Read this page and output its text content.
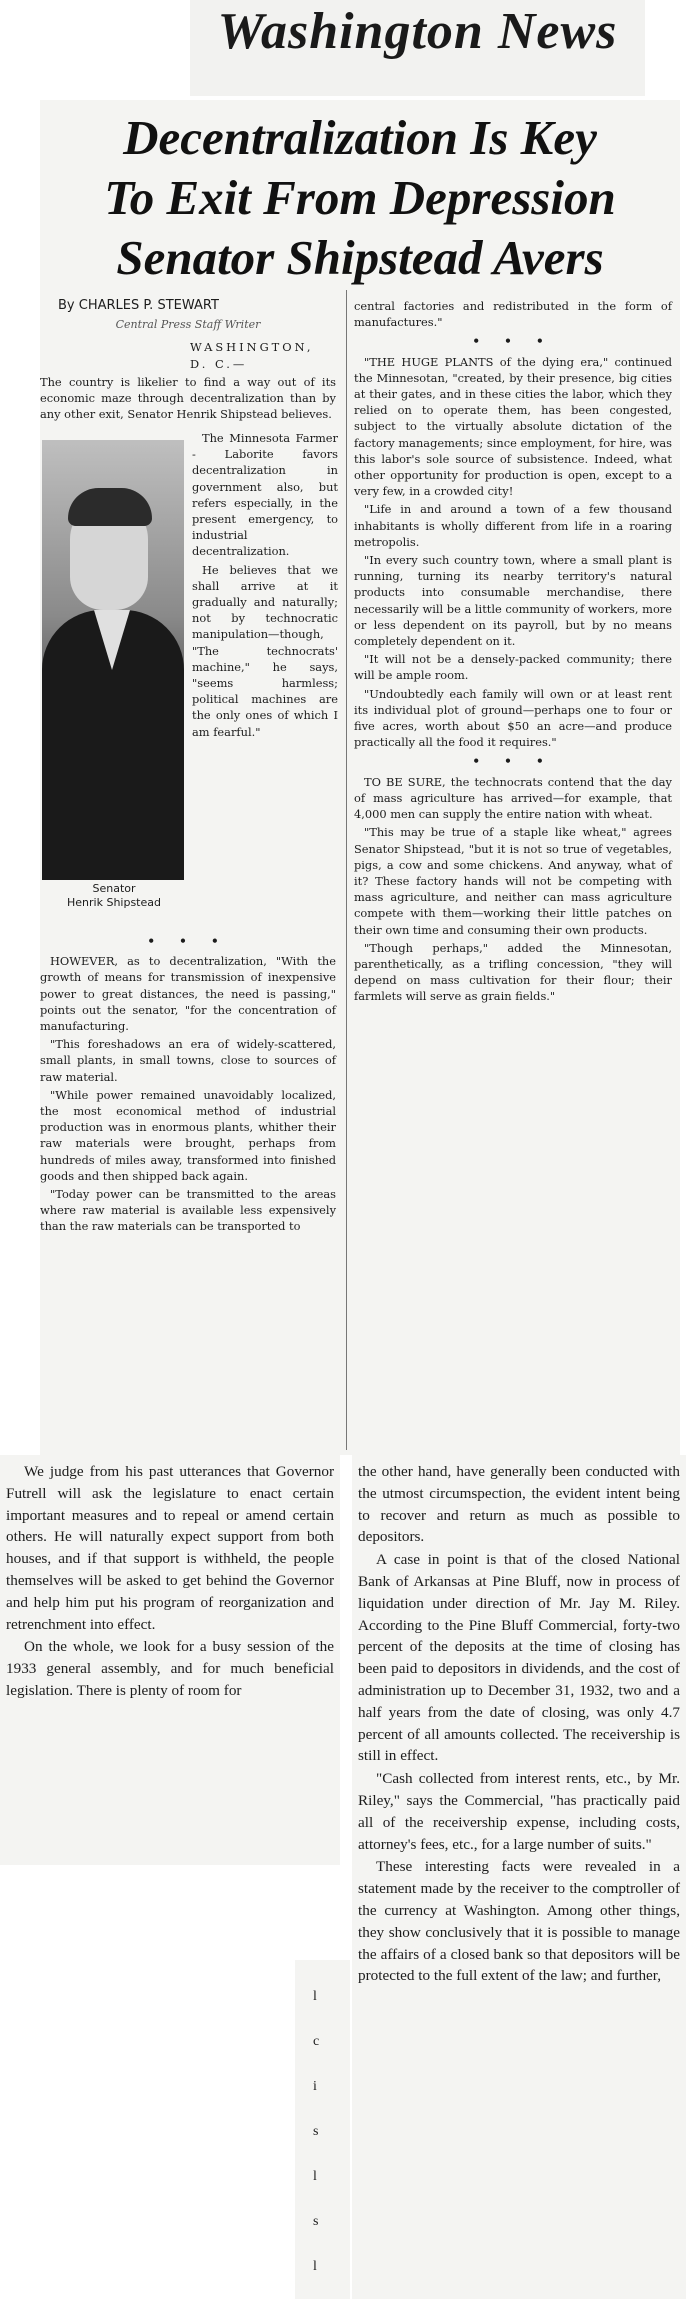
Washington News
Decentralization Is Key
To Exit From Depression
Senator Shipstead Avers
By CHARLES P. STEWART
Central Press Staff Writer

WASHINGTON, D. C.—

The country is likelier to find a way out of its economic maze through decentralization than by any other exit, Senator Henrik Shipstead believes.

Senator
Henrik Shipstead

The Minnesota Farmer - Laborite favors decentralization in government also, but refers especially, in the present emergency, to industrial decentralization.

He believes that we shall arrive at it gradually and naturally; not by technocratic manipulation—though, "The technocrats' machine," he says, "seems harmless; political machines are the only ones of which I am fearful."

• • •

HOWEVER, as to decentralization, "With the growth of means for transmission of inexpensive power to great distances, the need is passing," points out the senator, "for the concentration of manufacturing.

"This foreshadows an era of widely-scattered, small plants, in small towns, close to sources of raw material.

"While power remained unavoidably localized, the most economical method of industrial production was in enormous plants, whither their raw materials were brought, perhaps from hundreds of miles away, transformed into finished goods and then shipped back again.

"Today power can be transmitted to the areas where raw material is available less expensively than the raw materials can be transported to

central factories and redistributed in the form of manufactures."

• • •

"THE HUGE PLANTS of the dying era," continued the Minnesotan, "created, by their presence, big cities at their gates, and in these cities the labor, which they relied on to operate them, has been congested, subject to the virtually absolute dictation of the factory managements; since employment, for hire, was this labor's sole source of subsistence. Indeed, what other opportunity for production is open, except to a very few, in a crowded city!

"Life in and around a town of a few thousand inhabitants is wholly different from life in a roaring metropolis.

"In every such country town, where a small plant is running, turning its nearby territory's natural products into consumable merchandise, there necessarily will be a little community of workers, more or less dependent on its payroll, but by no means completely dependent on it.

"It will not be a densely-packed community; there will be ample room.

"Undoubtedly each family will own or at least rent its individual plot of ground—perhaps one to four or five acres, worth about $50 an acre—and produce practically all the food it requires."

• • •

TO BE SURE, the technocrats contend that the day of mass agriculture has arrived—for example, that 4,000 men can supply the entire nation with wheat.

"This may be true of a staple like wheat," agrees Senator Shipstead, "but it is not so true of vegetables, pigs, a cow and some chickens. And anyway, what of it? These factory hands will not be competing with mass agriculture, and neither can mass agriculture compete with them—working their little patches on their own time and consuming their own products.

"Though perhaps," added the Minnesotan, parenthetically, as a trifling concession, "they will depend on mass cultivation for their flour; their farmlets will serve as grain fields."

We judge from his past utterances that Governor Futrell will ask the legislature to enact certain important measures and to repeal or amend certain others. He will naturally expect support from both houses, and if that support is withheld, the people themselves will be asked to get behind the Governor and help him put his program of reorganization and retrenchment into effect.

On the whole, we look for a busy session of the 1933 general assembly, and for much beneficial legislation. There is plenty of room for

l c i s l s l

the other hand, have generally been conducted with the utmost circumspection, the evident intent being to recover and return as much as possible to depositors.

A case in point is that of the closed National Bank of Arkansas at Pine Bluff, now in process of liquidation under direction of Mr. Jay M. Riley. According to the Pine Bluff Commercial, forty-two percent of the deposits at the time of closing has been paid to depositors in dividends, and the cost of administration up to December 31, 1932, two and a half years from the date of closing, was only 4.7 percent of all amounts collected. The receivership is still in effect.

"Cash collected from interest rents, etc., by Mr. Riley," says the Commercial, "has practically paid all of the receivership expense, including costs, attorney's fees, etc., for a large number of suits."

These interesting facts were revealed in a statement made by the receiver to the comptroller of the currency at Washington. Among other things, they show conclusively that it is possible to manage the affairs of a closed bank so that depositors will be protected to the full extent of the law; and further,
